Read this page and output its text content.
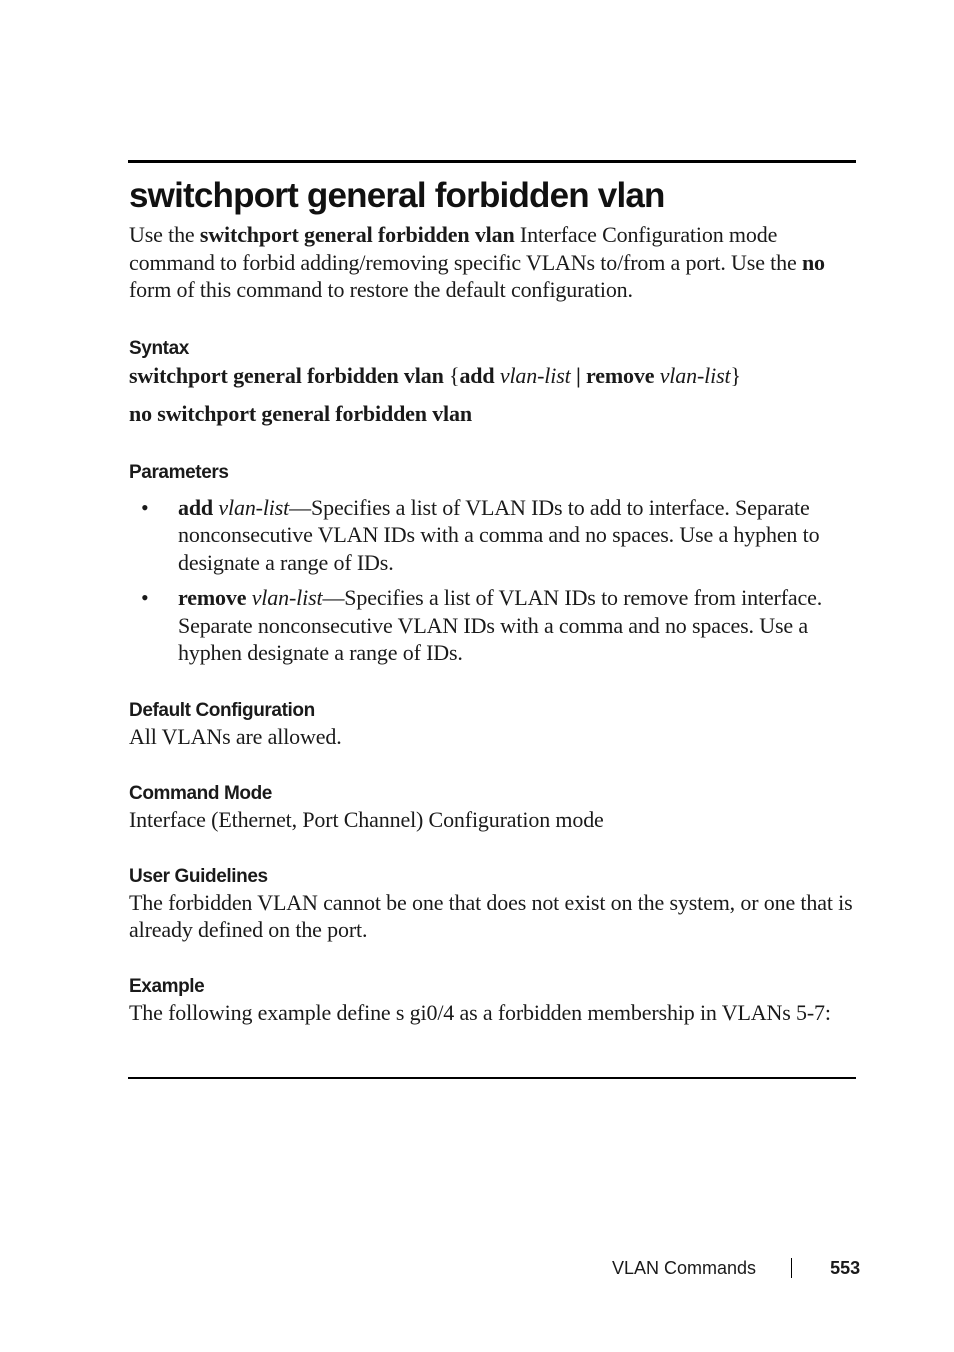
switchport general forbidden vlan

Use the switchport general forbidden vlan Interface Configuration mode command to forbid adding/removing specific VLANs to/from a port. Use the no form of this command to restore the default configuration.

Syntax

switchport general forbidden vlan {add vlan-list | remove vlan-list}

no switchport general forbidden vlan

Parameters
• add vlan-list—Specifies a list of VLAN IDs to add to interface. Separate nonconsecutive VLAN IDs with a comma and no spaces. Use a hyphen to designate a range of IDs.
• remove vlan-list—Specifies a list of VLAN IDs to remove from interface. Separate nonconsecutive VLAN IDs with a comma and no spaces. Use a hyphen designate a range of IDs.
Default Configuration

All VLANs are allowed.

Command Mode

Interface (Ethernet, Port Channel) Configuration mode

User Guidelines

The forbidden VLAN cannot be one that does not exist on the system, or one that is already defined on the port.

Example

The following example define s gi0/4 as a forbidden membership in VLANs 5-7:

VLAN Commands	553
